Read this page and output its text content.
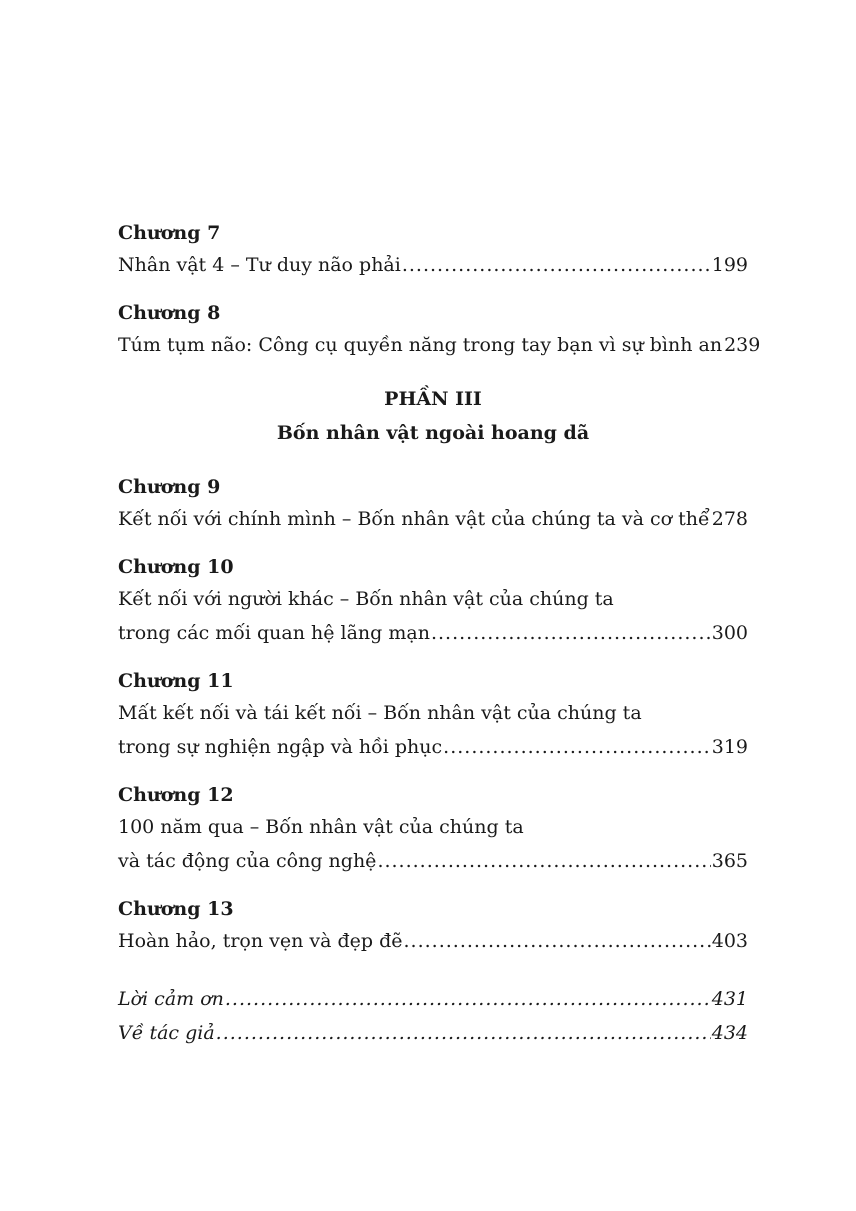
Chương 7
Nhân vật 4 – Tư duy não phải .....	199
Chương 8
Túm tụm não: Công cụ quyền năng trong tay bạn vì sự bình an 239
PHẦN III
Bốn nhân vật ngoài hoang dã
Chương 9
Kết nối với chính mình – Bốn nhân vật của chúng ta và cơ thể ..... 278
Chương 10
Kết nối với người khác – Bốn nhân vật của chúng ta
trong các mối quan hệ lãng mạn .....	300
Chương 11
Mất kết nối và tái kết nối – Bốn nhân vật của chúng ta
trong sự nghiện ngập và hồi phục .....	319
Chương 12
100 năm qua – Bốn nhân vật của chúng ta
và tác động của công nghệ .....	365
Chương 13
Hoàn hảo, trọn vẹn và đẹp đẽ .....	403
Lời cảm ơn .....	431
Về tác giả .....	434
